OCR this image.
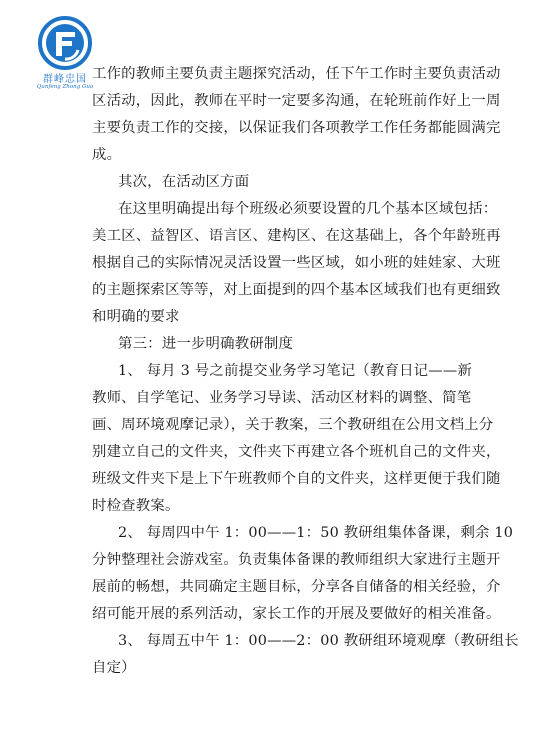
群峰忠国
Qunfeng Zhong Guo
工作的教师主要负责主题探究活动，任下午工作时主要负责活动
区活动，因此，教师在平时一定要多沟通，在轮班前作好上一周
主要负责工作的交接，以保证我们各项教学工作任务都能圆满完
成。
其次，在活动区方面
在这里明确提出每个班级必须要设置的几个基本区域包括：
美工区、益智区、语言区、建构区、在这基础上，各个年龄班再
根据自己的实际情况灵活设置一些区域，如小班的娃娃家、大班
的主题探索区等等，对上面提到的四个基本区域我们也有更细致
和明确的要求
第三：进一步明确教研制度
1、 每月 3 号之前提交业务学习笔记（教育日记——新
教师、自学笔记、业务学习导读、活动区材料的调整、简笔
画、周环境观摩记录），关于教案，三个教研组在公用文档上分
别建立自己的文件夹，文件夹下再建立各个班机自己的文件夹，
班级文件夹下是上下午班教师个自的文件夹，这样更便于我们随
时检查教案。
2、 每周四中午 1：00——1：50 教研组集体备课，剩余 10
分钟整理社会游戏室。负责集体备课的教师组织大家进行主题开
展前的畅想，共同确定主题目标，分享各自储备的相关经验，介
绍可能开展的系列活动，家长工作的开展及要做好的相关准备。
3、 每周五中午 1：00——2：00 教研组环境观摩（教研组长
自定）
